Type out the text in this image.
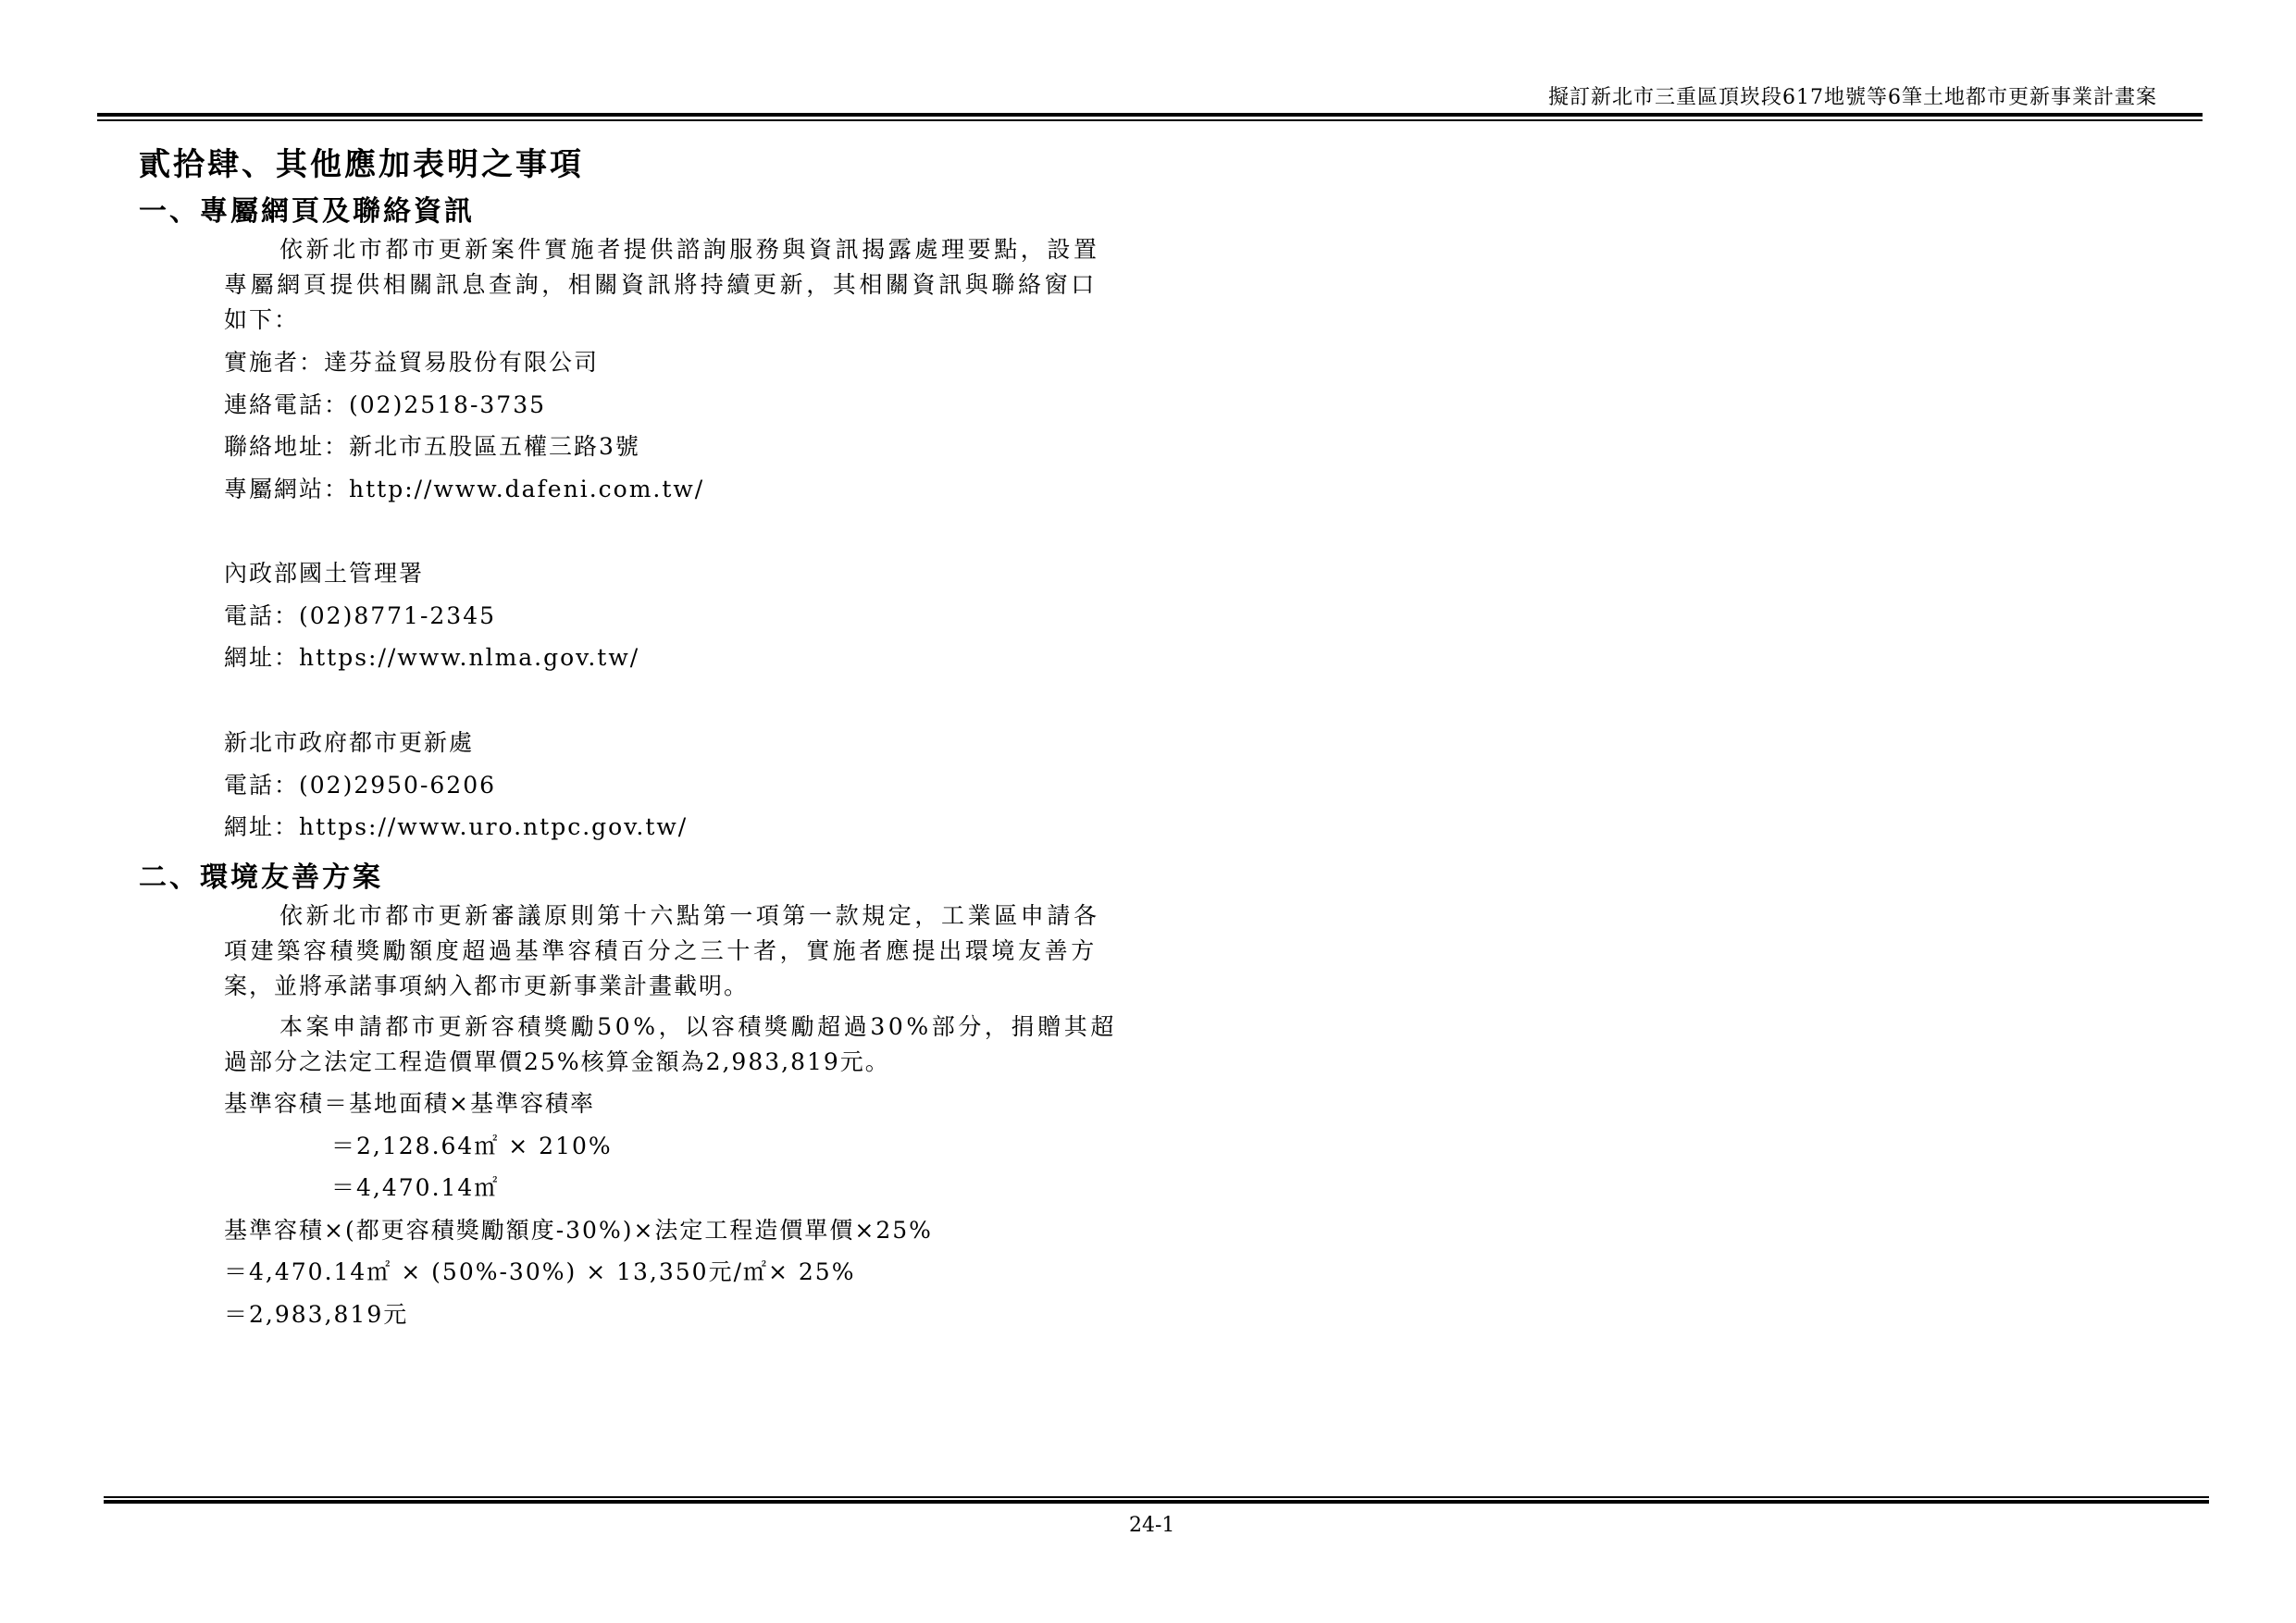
擬訂新北市三重區頂崁段617地號等6筆土地都市更新事業計畫案
貳拾肆、其他應加表明之事項
一、專屬網頁及聯絡資訊
依新北市都市更新案件實施者提供諮詢服務與資訊揭露處理要點，設置
專屬網頁提供相關訊息查詢，相關資訊將持續更新，其相關資訊與聯絡窗口
如下：
實施者：達芬益貿易股份有限公司
連絡電話：(02)2518-3735
聯絡地址：新北市五股區五權三路3號
專屬網站：http://www.dafeni.com.tw/
內政部國土管理署
電話：(02)8771-2345
網址：https://www.nlma.gov.tw/
新北市政府都市更新處
電話：(02)2950-6206
網址：https://www.uro.ntpc.gov.tw/
二、環境友善方案
依新北市都市更新審議原則第十六點第一項第一款規定，工業區申請各
項建築容積獎勵額度超過基準容積百分之三十者，實施者應提出環境友善方
案，並將承諾事項納入都市更新事業計畫載明。
本案申請都市更新容積獎勵50%，以容積獎勵超過30%部分，捐贈其超
過部分之法定工程造價單價25%核算金額為2,983,819元。
基準容積＝基地面積×基準容積率
＝2,128.64㎡ × 210%
＝4,470.14㎡
基準容積×(都更容積獎勵額度-30%)×法定工程造價單價×25%
＝4,470.14㎡ × (50%-30%) × 13,350元/㎡× 25%
＝2,983,819元
24-1
